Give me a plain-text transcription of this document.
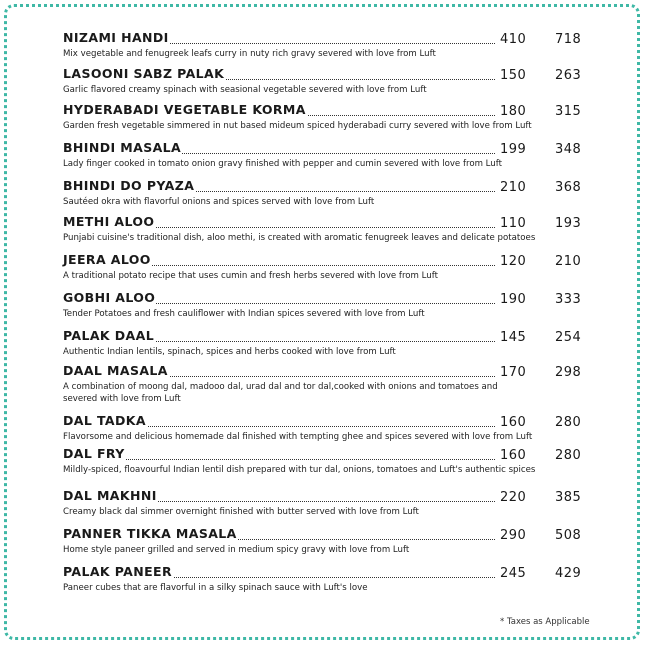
NIZAMI HANDI	410 718
Mix vegetable and fenugreek leafs curry in nuty rich gravy severed with love from Luft
LASOONI SABZ PALAK	150 263
Garlic flavored creamy spinach with seasional vegetable severed with love from Luft
HYDERABADI VEGETABLE KORMA	180 315
Garden fresh vegetable simmered in nut based mideum spiced hyderabadi curry severed with love from Luft
BHINDI MASALA	199 348
Lady finger cooked in tomato onion gravy finished with pepper and cumin severed with love from Luft
BHINDI DO PYAZA	210 368
Sautéed okra with flavorful onions and spices served with love from Luft
METHI ALOO	110 193
Punjabi cuisine's traditional dish, aloo methi, is created with aromatic fenugreek leaves and delicate potatoes
JEERA ALOO	120 210
A traditional potato recipe that uses cumin and fresh herbs severed with love from Luft
GOBHI ALOO	190 333
Tender Potatoes and fresh cauliflower with Indian spices severed with love from Luft
PALAK DAAL	145 254
Authentic Indian lentils, spinach, spices and herbs cooked with love from Luft
DAAL MASALA	170 298
A combination of moong dal, madooo dal, urad dal and tor dal,cooked with onions and tomatoes and severed with love from Luft
DAL TADKA	160 280
Flavorsome and delicious homemade dal finished with tempting ghee and spices severed with love from Luft
DAL FRY	160 280
Mildly-spiced, floavourful Indian lentil dish prepared with tur dal, onions, tomatoes and Luft's authentic spices
DAL MAKHNI	220 385
Creamy black dal simmer overnight finished with butter served with love from Luft
PANNER TIKKA MASALA	290 508
Home style paneer grilled and served in medium spicy gravy with love from Luft
PALAK PANEER	245 429
Paneer cubes that are flavorful in a silky spinach sauce with Luft's love
* Taxes as Applicable
